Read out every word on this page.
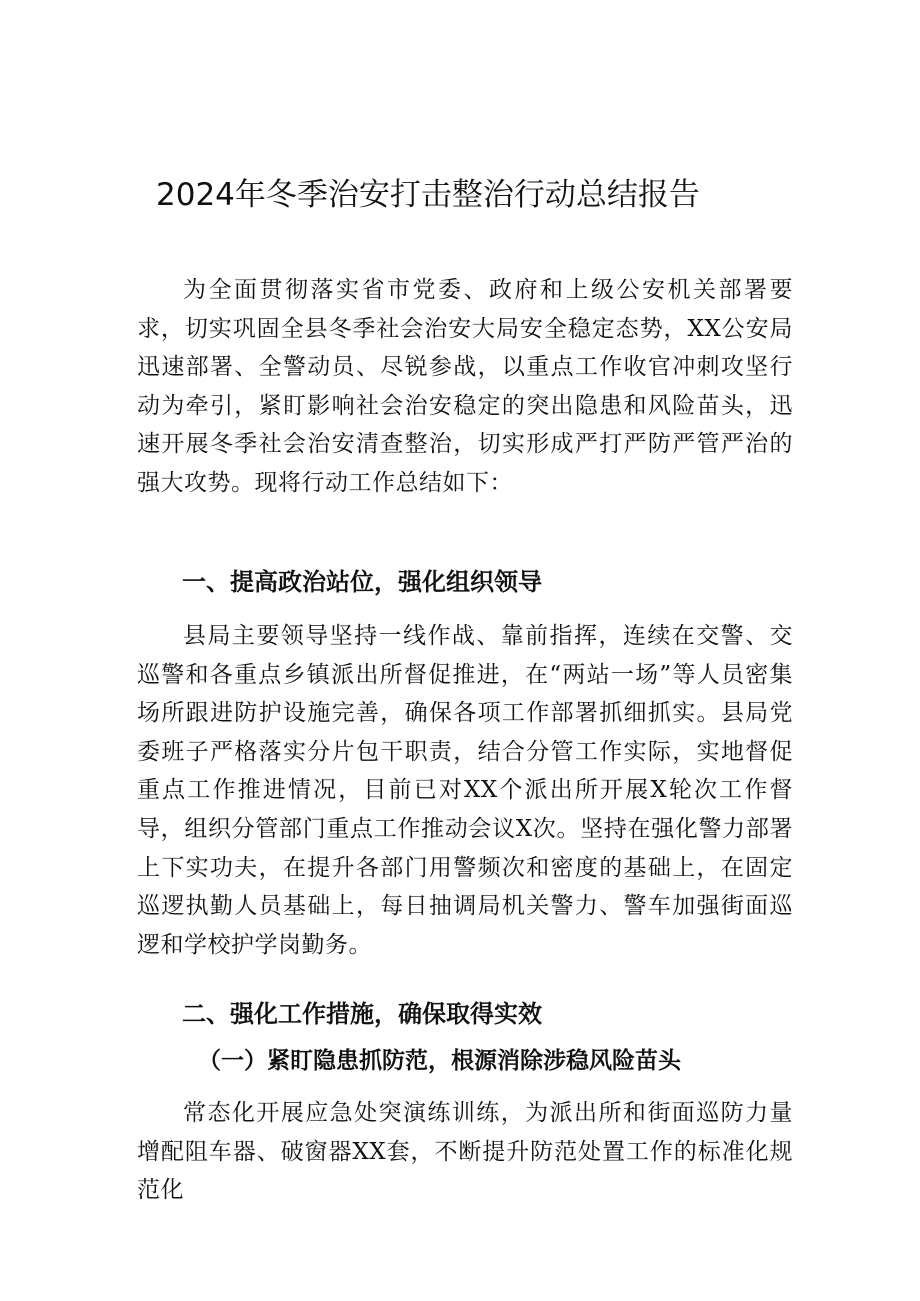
2024年冬季治安打击整治行动总结报告

为全面贯彻落实省市党委、政府和上级公安机关部署要求，切实巩固全县冬季社会治安大局安全稳定态势，XX公安局迅速部署、全警动员、尽锐参战，以重点工作收官冲刺攻坚行动为牵引，紧盯影响社会治安稳定的突出隐患和风险苗头，迅速开展冬季社会治安清查整治，切实形成严打严防严管严治的强大攻势。现将行动工作总结如下：

一、提高政治站位，强化组织领导

县局主要领导坚持一线作战、靠前指挥，连续在交警、交巡警和各重点乡镇派出所督促推进，在“两站一场”等人员密集场所跟进防护设施完善，确保各项工作部署抓细抓实。县局党委班子严格落实分片包干职责，结合分管工作实际，实地督促重点工作推进情况，目前已对XX个派出所开展X轮次工作督导，组织分管部门重点工作推动会议X次。坚持在强化警力部署上下实功夫，在提升各部门用警频次和密度的基础上，在固定巡逻执勤人员基础上，每日抽调局机关警力、警车加强街面巡逻和学校护学岗勤务。

二、强化工作措施，确保取得实效
（一）紧盯隐患抓防范，根源消除涉稳风险苗头

常态化开展应急处突演练训练，为派出所和街面巡防力量增配阻车器、破窗器XX套，不断提升防范处置工作的标准化规范化
